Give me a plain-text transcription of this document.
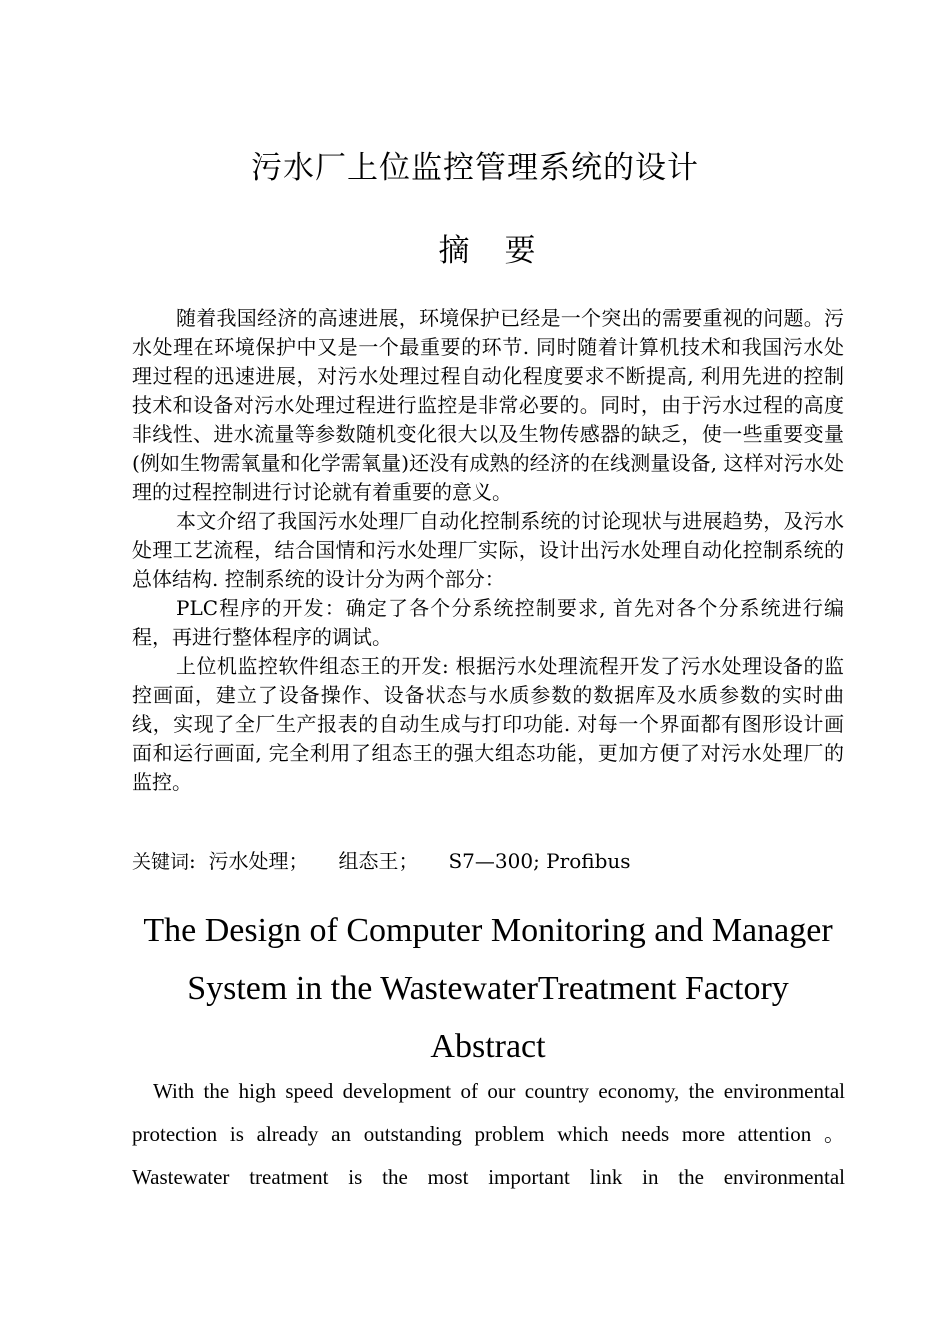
污水厂上位监控管理系统的设计
摘　要

随着我国经济的高速进展，环境保护已经是一个突出的需要重视的问题。污水处理在环境保护中又是一个最重要的环节. 同时随着计算机技术和我国污水处理过程的迅速进展，对污水处理过程自动化程度要求不断提高, 利用先进的控制技术和设备对污水处理过程进行监控是非常必要的。同时，由于污水过程的高度非线性、进水流量等参数随机变化很大以及生物传感器的缺乏，使一些重要变量(例如生物需氧量和化学需氧量)还没有成熟的经济的在线测量设备, 这样对污水处理的过程控制进行讨论就有着重要的意义。

本文介绍了我国污水处理厂自动化控制系统的讨论现状与进展趋势，及污水处理工艺流程，结合国情和污水处理厂实际，设计出污水处理自动化控制系统的总体结构. 控制系统的设计分为两个部分：

PLC程序的开发：确定了各个分系统控制要求, 首先对各个分系统进行编程，再进行整体程序的调试。

上位机监控软件组态王的开发: 根据污水处理流程开发了污水处理设备的监控画面，建立了设备操作、设备状态与水质参数的数据库及水质参数的实时曲线，实现了全厂生产报表的自动生成与打印功能. 对每一个界面都有图形设计画面和运行画面, 完全利用了组态王的强大组态功能，更加方便了对污水处理厂的监控。

关键词: 污水处理； 组态王； S7—300; Profibus
The Design of Computer Monitoring and Manager
System in the WastewaterTreatment Factory
Abstract

With the high speed development of our country economy, the environmental protection is already an outstanding problem which needs more attention 。 Wastewater treatment is the most important link in the environmental
